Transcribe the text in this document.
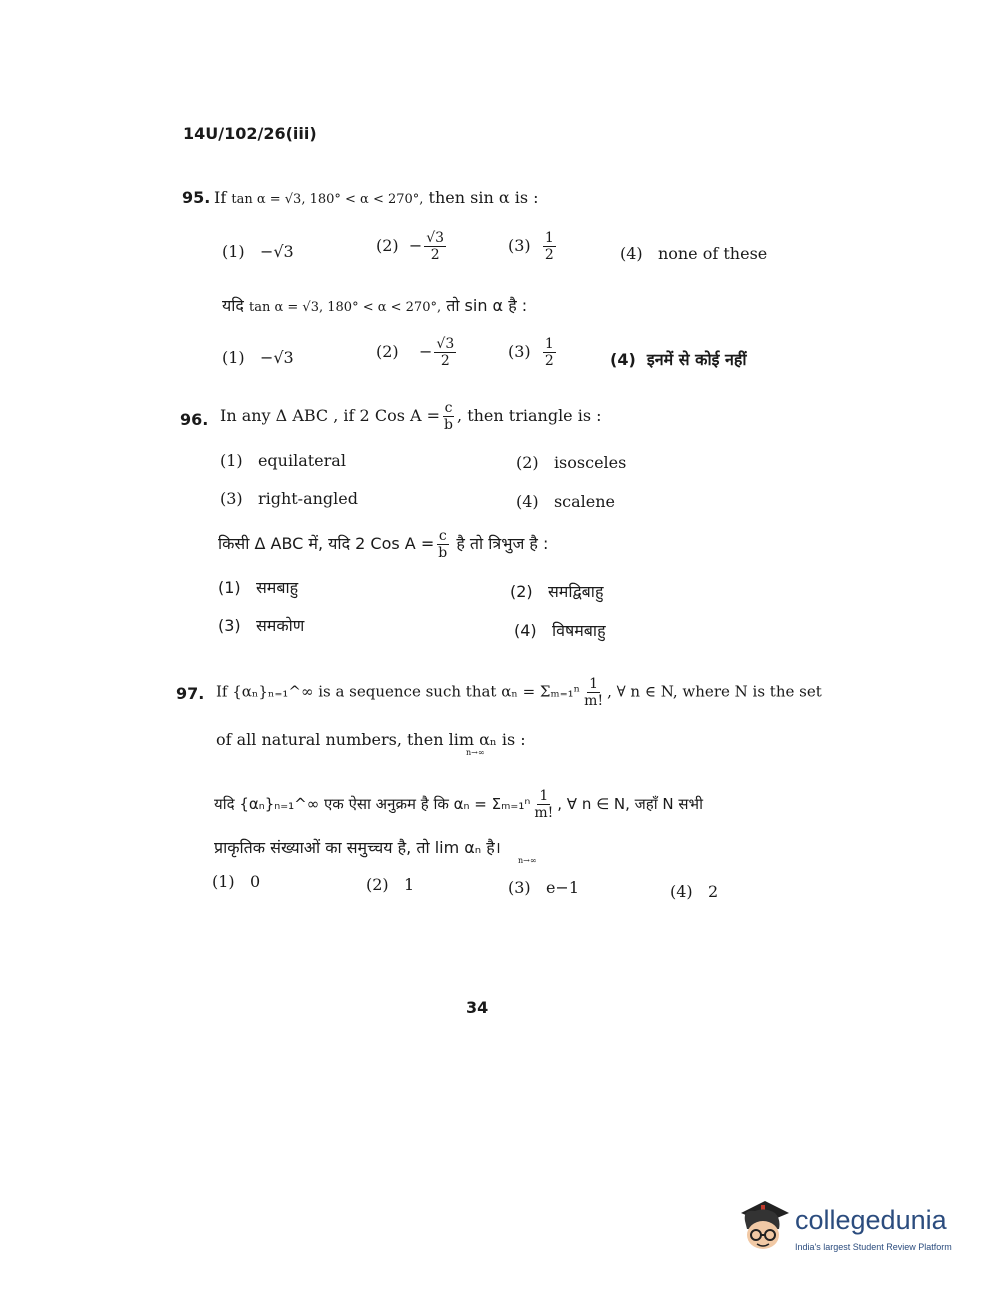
14U/102/26(iii)
95. If tan α = √3, 180° < α < 270°, then sin α is :
(1) −√3	$(2) - \frac{√3}{2}$	$(3) \frac{1}{2}$	(4) none of these
यदि tan α = √3, 180° < α < 270°, तो sin α है :
(1) −√3	$(2) - \frac{√3}{2}$	$(3) \frac{1}{2}$	(4) इनमें से कोई नहीं
96. In any Δ ABC , if 2 Cos $A = \frac{c}{b}$ , then triangle is :
(1) equilateral	(2) isosceles
(3) right-angled	(4) scalene
किसी Δ ABC में, यदि 2 Cos $A = \frac{c}{b}$ है तो त्रिभुज है :
(1) समबाहु	(2) समद्विबाहु
(3) समकोण	(4) विषमबाहु
97. If {αₙ}ₙ₌₁^∞ is a sequence such that $\alpha_n = \Sigma_{m=1}^n \frac{1}{m!}$ , ∀ n ∈ N, where N is the set
of all natural numbers, then lim αₙ is :
n→∞
यदि {αₙ}ₙ₌₁^∞ एक ऐसा अनुक्रम है कि $\alpha_n = \Sigma_{m=1}^n \frac{1}{m!}$ , ∀ n ∈ N, जहाँ N सभी
प्राकृतिक संख्याओं का समुच्चय है, तो lim αₙ है।
n→∞
(1) 0	(2) 1	(3) e−1	(4) 2
34
collegedunia
India's largest Student Review Platform
